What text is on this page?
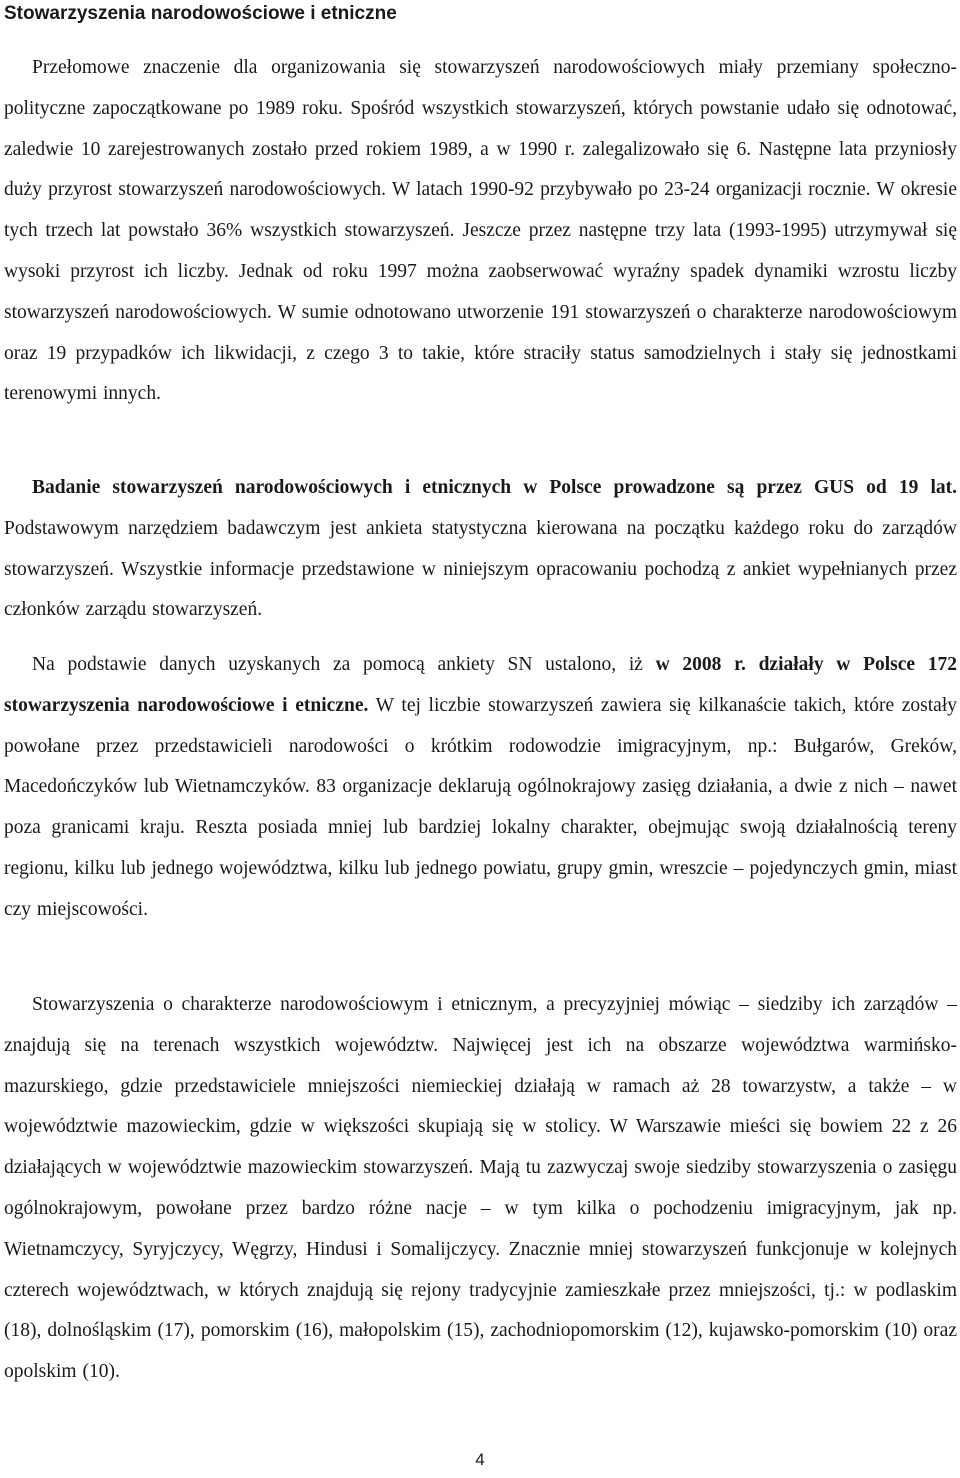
Stowarzyszenia narodowościowe i etniczne

Przełomowe znaczenie dla organizowania się stowarzyszeń narodowościowych miały przemiany społeczno-polityczne zapoczątkowane po 1989 roku. Spośród wszystkich stowarzyszeń, których powstanie udało się odnotować, zaledwie 10 zarejestrowanych zostało przed rokiem 1989, a w 1990 r. zalegalizowało się 6. Następne lata przyniosły duży przyrost stowarzyszeń narodowościowych. W latach 1990-92 przybywało po 23-24 organizacji rocznie. W okresie tych trzech lat powstało 36% wszystkich stowarzyszeń. Jeszcze przez następne trzy lata (1993-1995) utrzymywał się wysoki przyrost ich liczby. Jednak od roku 1997 można zaobserwować wyraźny spadek dynamiki wzrostu liczby stowarzyszeń narodowościowych. W sumie odnotowano utworzenie 191 stowarzyszeń o charakterze narodowościowym oraz 19 przypadków ich likwidacji, z czego 3 to takie, które straciły status samodzielnych i stały się jednostkami terenowymi innych.

Badanie stowarzyszeń narodowościowych i etnicznych w Polsce prowadzone są przez GUS od 19 lat. Podstawowym narzędziem badawczym jest ankieta statystyczna kierowana na początku każdego roku do zarządów stowarzyszeń. Wszystkie informacje przedstawione w niniejszym opracowaniu pochodzą z ankiet wypełnianych przez członków zarządu stowarzyszeń.

Na podstawie danych uzyskanych za pomocą ankiety SN ustalono, iż w 2008 r. działały w Polsce 172 stowarzyszenia narodowościowe i etniczne. W tej liczbie stowarzyszeń zawiera się kilkanaście takich, które zostały powołane przez przedstawicieli narodowości o krótkim rodowodzie imigracyjnym, np.: Bułgarów, Greków, Macedończyków lub Wietnamczyków. 83 organizacje deklarują ogólnokrajowy zasięg działania, a dwie z nich – nawet poza granicami kraju. Reszta posiada mniej lub bardziej lokalny charakter, obejmując swoją działalnością tereny regionu, kilku lub jednego województwa, kilku lub jednego powiatu, grupy gmin, wreszcie – pojedynczych gmin, miast czy miejscowości.

Stowarzyszenia o charakterze narodowościowym i etnicznym, a precyzyjniej mówiąc – siedziby ich zarządów – znajdują się na terenach wszystkich województw. Najwięcej jest ich na obszarze województwa warmińsko-mazurskiego, gdzie przedstawiciele mniejszości niemieckiej działają w ramach aż 28 towarzystw, a także – w województwie mazowieckim, gdzie w większości skupiają się w stolicy. W Warszawie mieści się bowiem 22 z 26 działających w województwie mazowieckim stowarzyszeń. Mają tu zazwyczaj swoje siedziby stowarzyszenia o zasięgu ogólnokrajowym, powołane przez bardzo różne nacje – w tym kilka o pochodzeniu imigracyjnym, jak np. Wietnamczycy, Syryjczycy, Węgrzy, Hindusi i Somalijczycy. Znacznie mniej stowarzyszeń funkcjonuje w kolejnych czterech województwach, w których znajdują się rejony tradycyjnie zamieszkałe przez mniejszości, tj.: w podlaskim (18), dolnośląskim (17), pomorskim (16), małopolskim (15), zachodniopomorskim (12), kujawsko-pomorskim (10) oraz opolskim (10).

4
